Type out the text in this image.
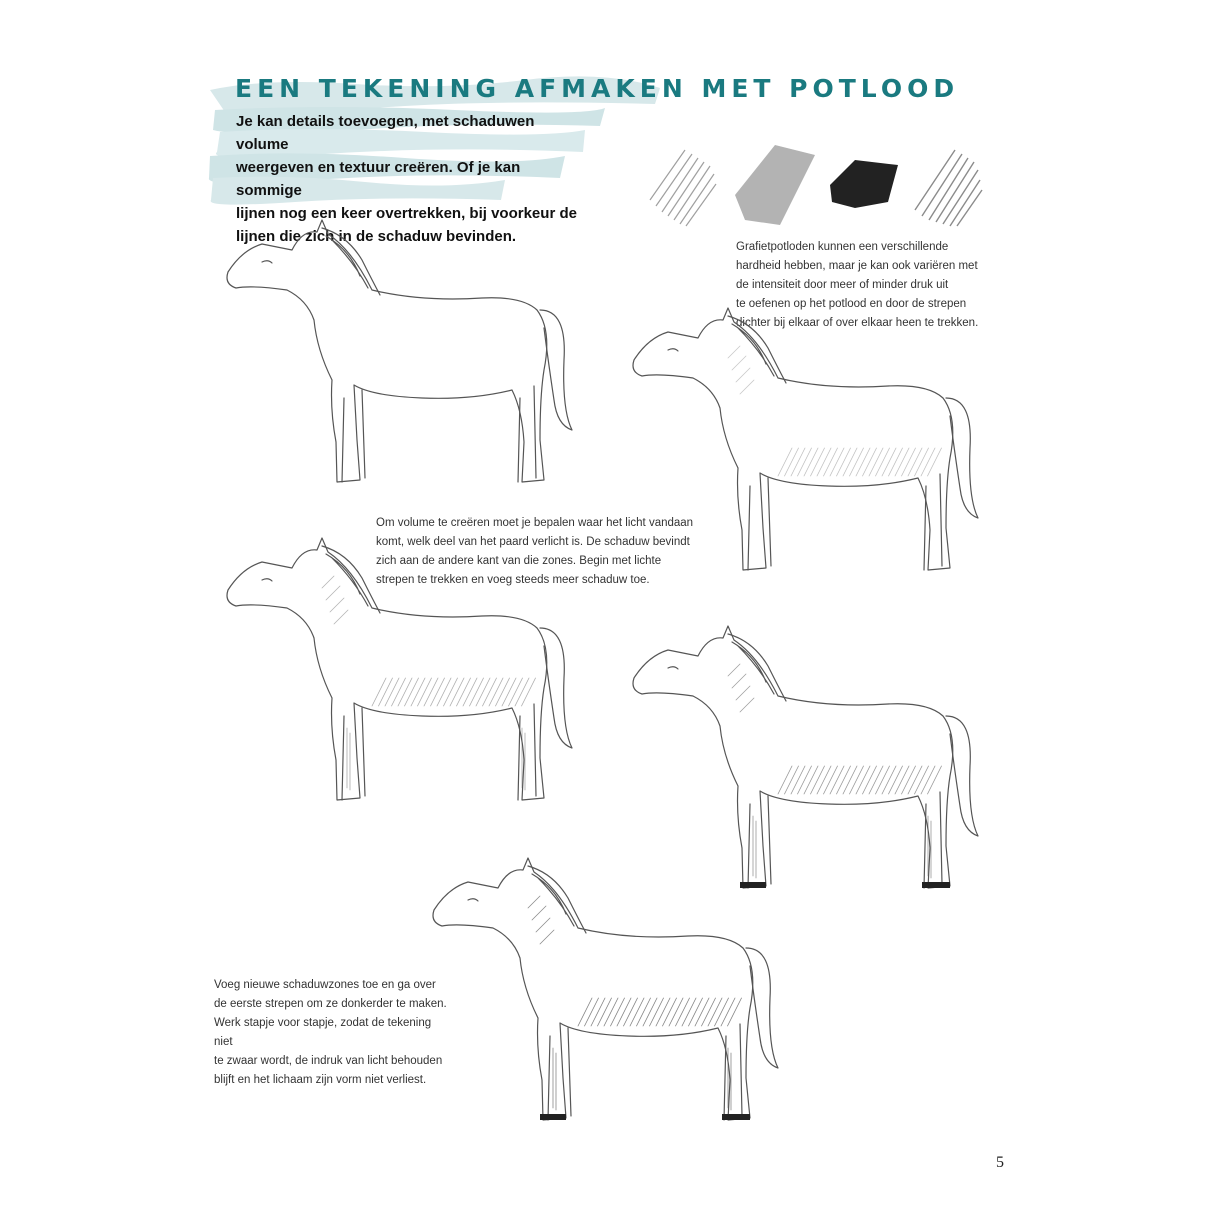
EEN TEKENING AFMAKEN MET POTLOOD
Je kan details toevoegen, met schaduwen volume
weergeven en textuur creëren. Of je kan sommige
lijnen nog een keer overtrekken, bij voorkeur de
lijnen die zich in de schaduw bevinden.
Grafietpotloden kunnen een verschillende
hardheid hebben, maar je kan ook variëren met
de intensiteit door meer of minder druk uit
te oefenen op het potlood en door de strepen
dichter bij elkaar of over elkaar heen te trekken.
Om volume te creëren moet je bepalen waar het licht vandaan
komt, welk deel van het paard verlicht is. De schaduw bevindt
zich aan de andere kant van die zones. Begin met lichte
strepen te trekken en voeg steeds meer schaduw toe.
Voeg nieuwe schaduwzones toe en ga over
de eerste strepen om ze donkerder te maken.
Werk stapje voor stapje, zodat de tekening niet
te zwaar wordt, de indruk van licht behouden
blijft en het lichaam zijn vorm niet verliest.
5
